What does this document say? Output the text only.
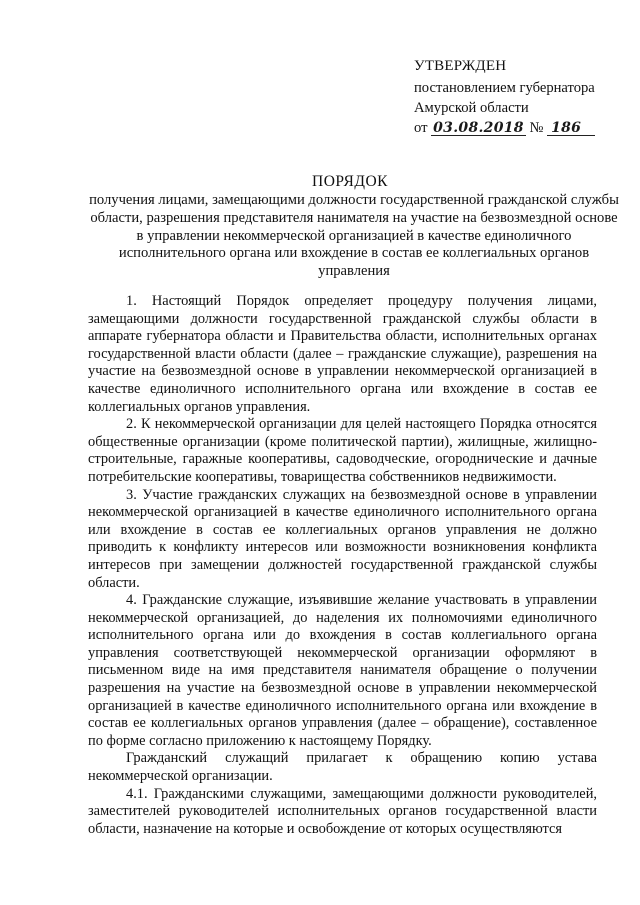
УТВЕРЖДЕН
постановлением губернатора
Амурской области
от 03.08.2018 № 186
ПОРЯДОК
получения лицами, замещающими должности государственной гражданской службы области, разрешения представителя нанимателя на участие на безвозмездной основе в управлении некоммерческой организацией в качестве единоличного исполнительного органа или вхождение в состав ее коллегиальных органов управления

1. Настоящий Порядок определяет процедуру получения лицами, замещающими должности государственной гражданской службы области в аппарате губернатора области и Правительства области, исполнительных органах государственной власти области (далее – гражданские служащие), разрешения на участие на безвозмездной основе в управлении некоммерческой организацией в качестве единоличного исполнительного органа или вхождение в состав ее коллегиальных органов управления.

2. К некоммерческой организации для целей настоящего Порядка относятся общественные организации (кроме политической партии), жилищные, жилищно-строительные, гаражные кооперативы, садоводческие, огороднические и дачные потребительские кооперативы, товарищества собственников недвижимости.

3. Участие гражданских служащих на безвозмездной основе в управлении некоммерческой организацией в качестве единоличного исполнительного органа или вхождение в состав ее коллегиальных органов управления не должно приводить к конфликту интересов или возможности возникновения конфликта интересов при замещении должностей государственной гражданской службы области.

4. Гражданские служащие, изъявившие желание участвовать в управлении некоммерческой организацией, до наделения их полномочиями единоличного исполнительного органа или до вхождения в состав коллегиального органа управления соответствующей некоммерческой организации оформляют в письменном виде на имя представителя нанимателя обращение о получении разрешения на участие на безвозмездной основе в управлении некоммерческой организацией в качестве единоличного исполнительного органа или вхождение в состав ее коллегиальных органов управления (далее – обращение), составленное по форме согласно приложению к настоящему Порядку.

Гражданский служащий прилагает к обращению копию устава некоммерческой организации.

4.1. Гражданскими служащими, замещающими должности руководителей, заместителей руководителей исполнительных органов государственной власти области, назначение на которые и освобождение от которых осуществляются
